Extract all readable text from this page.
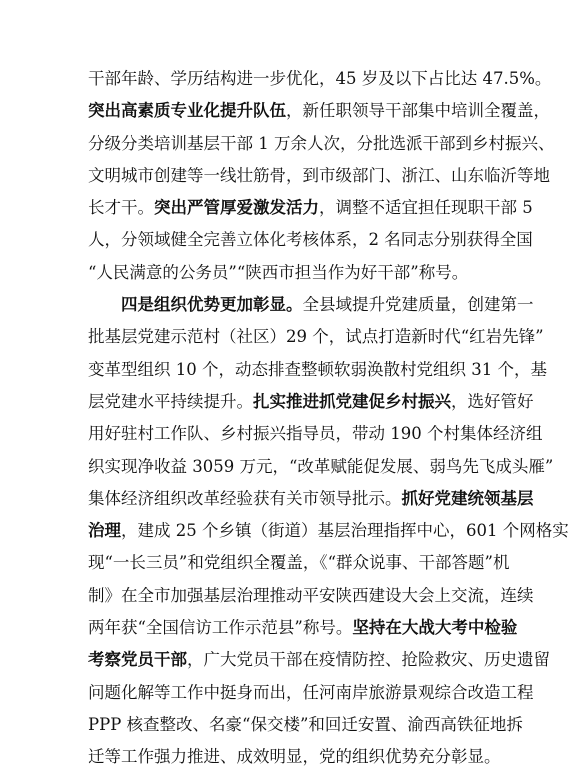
干部年龄、学历结构进一步优化，45 岁及以下占比达 47.5%。
突出高素质专业化提升队伍，新任职领导干部集中培训全覆盖，
分级分类培训基层干部 1 万余人次，分批选派干部到乡村振兴、
文明城市创建等一线壮筋骨，到市级部门、浙江、山东临沂等地
长才干。突出严管厚爱激发活力，调整不适宜担任现职干部 5
人，分领域健全完善立体化考核体系，2 名同志分别获得全国
“人民满意的公务员”“陕西市担当作为好干部”称号。
四是组织优势更加彰显。全县域提升党建质量，创建第一
批基层党建示范村（社区）29 个，试点打造新时代“红岩先锋”
变革型组织 10 个，动态排查整顿软弱涣散村党组织 31 个，基
层党建水平持续提升。扎实推进抓党建促乡村振兴，选好管好
用好驻村工作队、乡村振兴指导员，带动 190 个村集体经济组
织实现净收益 3059 万元，“改革赋能促发展、弱鸟先飞成头雁”
集体经济组织改革经验获有关市领导批示。抓好党建统领基层
治理，建成 25 个乡镇（街道）基层治理指挥中心，601 个网格实
现“一长三员”和党组织全覆盖，《“群众说事、干部答题”机
制》在全市加强基层治理推动平安陕西建设大会上交流，连续
两年获“全国信访工作示范县”称号。坚持在大战大考中检验
考察党员干部，广大党员干部在疫情防控、抢险救灾、历史遗留
问题化解等工作中挺身而出，任河南岸旅游景观综合改造工程
PPP 核查整改、名豪“保交楼”和回迁安置、渝西高铁征地拆
迁等工作强力推进、成效明显，党的组织优势充分彰显。
